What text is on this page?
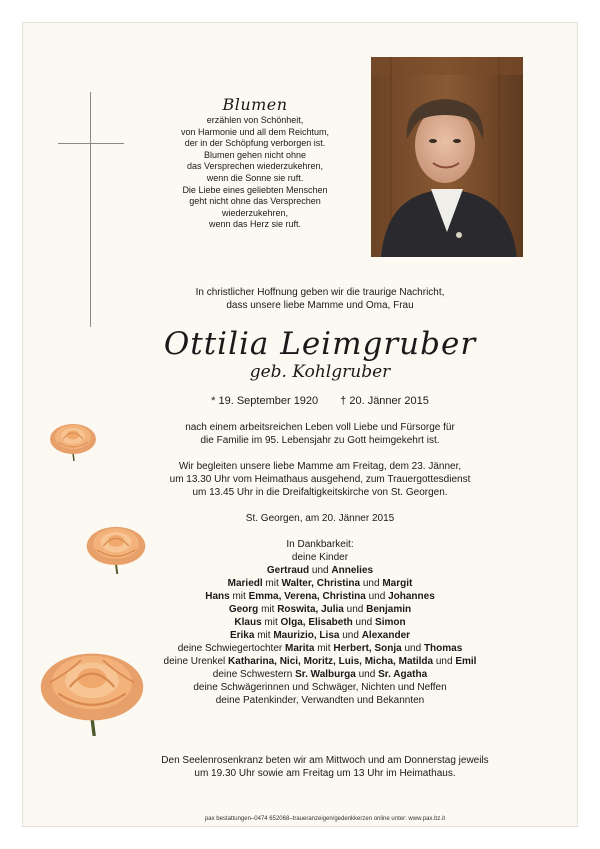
Blumen
erzählen von Schönheit,
von Harmonie und all dem Reichtum,
der in der Schöpfung verborgen ist.
Blumen gehen nicht ohne
das Versprechen wiederzukehren,
wenn die Sonne sie ruft.
Die Liebe eines geliebten Menschen
geht nicht ohne das Versprechen
wiederzukehren,
wenn das Herz sie ruft.
In christlicher Hoffnung geben wir die traurige Nachricht,
dass unsere liebe Mamme und Oma, Frau
Ottilia Leimgruber
geb. Kohlgruber
* 19. September 1920 † 20. Jänner 2015
nach einem arbeitsreichen Leben voll Liebe und Fürsorge für
die Familie im 95. Lebensjahr zu Gott heimgekehrt ist.
Wir begleiten unsere liebe Mamme am Freitag, dem 23. Jänner,
um 13.30 Uhr vom Heimathaus ausgehend, zum Trauergottesdienst
um 13.45 Uhr in die Dreifaltigkeitskirche von St. Georgen.
St. Georgen, am 20. Jänner 2015
In Dankbarkeit:
deine Kinder
Gertraud und Annelies
Mariedl mit Walter, Christina und Margit
Hans mit Emma, Verena, Christina und Johannes
Georg mit Roswita, Julia und Benjamin
Klaus mit Olga, Elisabeth und Simon
Erika mit Maurizio, Lisa und Alexander
deine Schwiegertochter Marita mit Herbert, Sonja und Thomas
deine Urenkel Katharina, Nici, Moritz, Luis, Micha, Matilda und Emil
deine Schwestern Sr. Walburga und Sr. Agatha
deine Schwägerinnen und Schwäger, Nichten und Neffen
deine Patenkinder, Verwandten und Bekannten
Den Seelenrosenkranz beten wir am Mittwoch und am Donnerstag jeweils
um 19.30 Uhr sowie am Freitag um 13 Uhr im Heimathaus.
pax bestattungen–0474 652068–traueranzeigen/gedenkkerzen online unter: www.pax.bz.it
